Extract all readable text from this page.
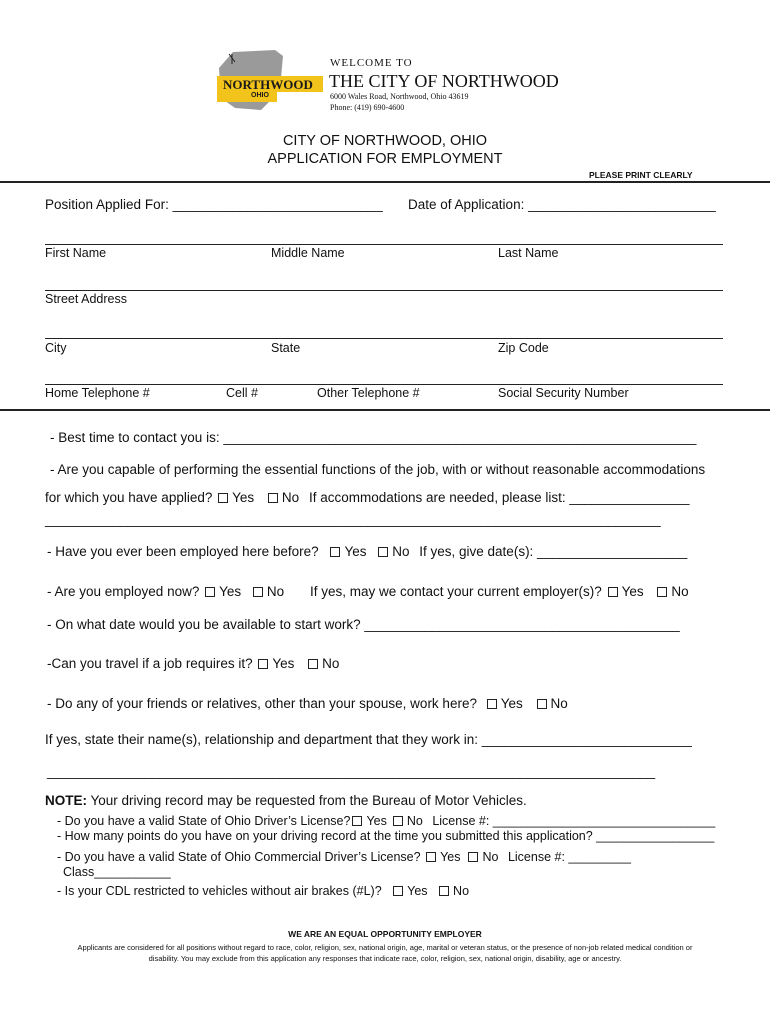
NORTHWOOD
OHIO
WELCOME TO
THE CITY OF NORTHWOOD
6000 Wales Road, Northwood, Ohio 43619
Phone: (419) 690-4600
CITY OF NORTHWOOD, OHIO
APPLICATION FOR EMPLOYMENT
PLEASE PRINT CLEARLY
Position Applied For: ____________________________ Date of Application: _________________________
First Name	Middle Name	Last Name
Street Address
City	State	Zip Code
Home Telephone #	Cell #	Other Telephone #	Social Security Number
- Best time to contact you is: _______________________________________________________________
- Are you capable of performing the essential functions of the job, with or without reasonable accommodations
for which you have applied? Yes No If accommodations are needed, please list: ________________
__________________________________________________________________________________
- Have you ever been employed here before? Yes No If yes, give date(s): ____________________
- Are you employed now? Yes No If yes, may we contact your current employer(s)? Yes No
- On what date would you be available to start work? __________________________________________
-Can you travel if a job requires it? Yes No
- Do any of your friends or relatives, other than your spouse, work here? Yes No
If yes, state their name(s), relationship and department that they work in: ____________________________
_________________________________________________________________________________
NOTE: Your driving record may be requested from the Bureau of Motor Vehicles.
- Do you have a valid State of Ohio Driver’s License? Yes No License #: ________________________________
- How many points do you have on your driving record at the time you submitted this application? _________________
- Do you have a valid State of Ohio Commercial Driver’s License? Yes No License #: _________
Class___________
- Is your CDL restricted to vehicles without air brakes (#L)? Yes No
WE ARE AN EQUAL OPPORTUNITY EMPLOYER
Applicants are considered for all positions without regard to race, color, religion, sex, national origin, age, marital or veteran status, or the presence of non-job related medical condition or
disability. You may exclude from this application any responses that indicate race, color, religion, sex, national origin, disability, age or ancestry.
